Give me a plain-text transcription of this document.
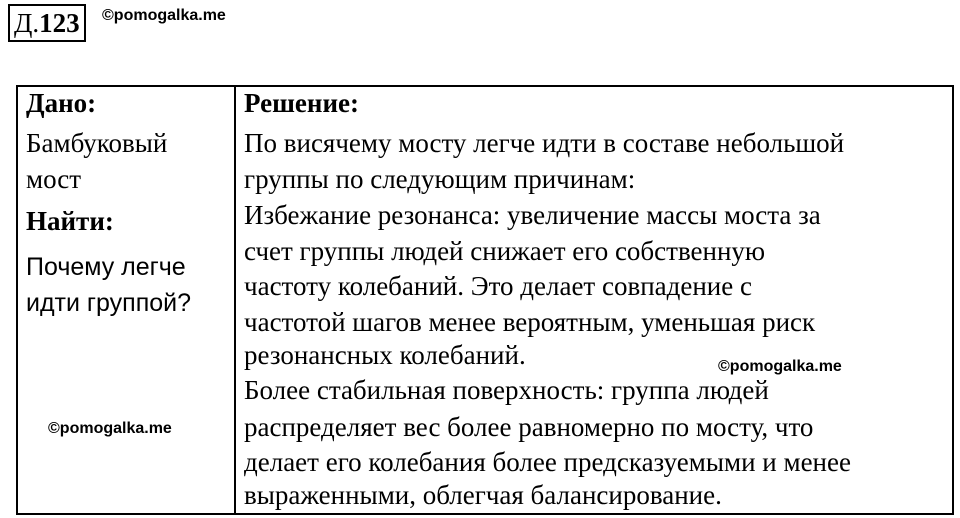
Д.123	©pomogalka.me
Дано:
Бамбуковый
мост
Найти:
Почему легче
идти группой?
©pomogalka.me
Решение:
По висячему мосту легче идти в составе небольшой
группы по следующим причинам:
Избежание резонанса: увеличение массы моста за
счет группы людей снижает его собственную
частоту колебаний. Это делает совпадение с
частотой шагов менее вероятным, уменьшая риск
резонансных колебаний.	©pomogalka.me
Более стабильная поверхность: группа людей
распределяет вес более равномерно по мосту, что
делает его колебания более предсказуемыми и менее
выраженными, облегчая балансирование.
